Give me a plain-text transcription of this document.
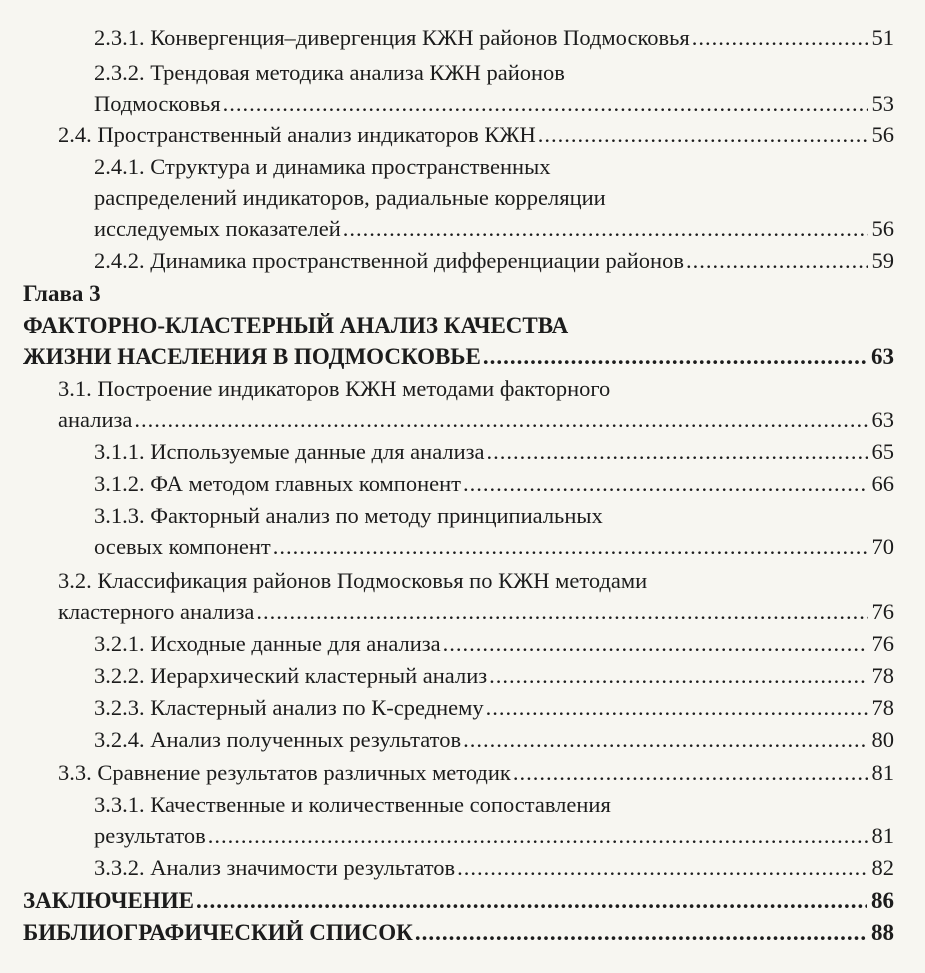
2.3.1. Конвергенция–дивергенция КЖН районов Подмосковья .....	51
2.3.2. Трендовая методика анализа КЖН районов
Подмосковья .....	53
2.4. Пространственный анализ индикаторов КЖН .....	56
2.4.1. Структура и динамика пространственных
распределений индикаторов, радиальные корреляции
исследуемых показателей .....	56
2.4.2. Динамика пространственной дифференциации районов .....	59
Глава 3
ФАКТОРНО-КЛАСТЕРНЫЙ АНАЛИЗ КАЧЕСТВА
ЖИЗНИ НАСЕЛЕНИЯ В ПОДМОСКОВЬЕ .....	63
3.1. Построение индикаторов КЖН методами факторного
анализа .....	63
3.1.1. Используемые данные для анализа .....	65
3.1.2. ФА методом главных компонент .....	66
3.1.3. Факторный анализ по методу принципиальных
осевых компонент .....	70
3.2. Классификация районов Подмосковья по КЖН методами
кластерного анализа .....	76
3.2.1. Исходные данные для анализа .....	76
3.2.2. Иерархический кластерный анализ .....	78
3.2.3. Кластерный анализ по К-среднему .....	78
3.2.4. Анализ полученных результатов .....	80
3.3. Сравнение результатов различных методик .....	81
3.3.1. Качественные и количественные сопоставления
результатов .....	81
3.3.2. Анализ значимости результатов .....	82
ЗАКЛЮЧЕНИЕ .....	86
БИБЛИОГРАФИЧЕСКИЙ СПИСОК .....	88
